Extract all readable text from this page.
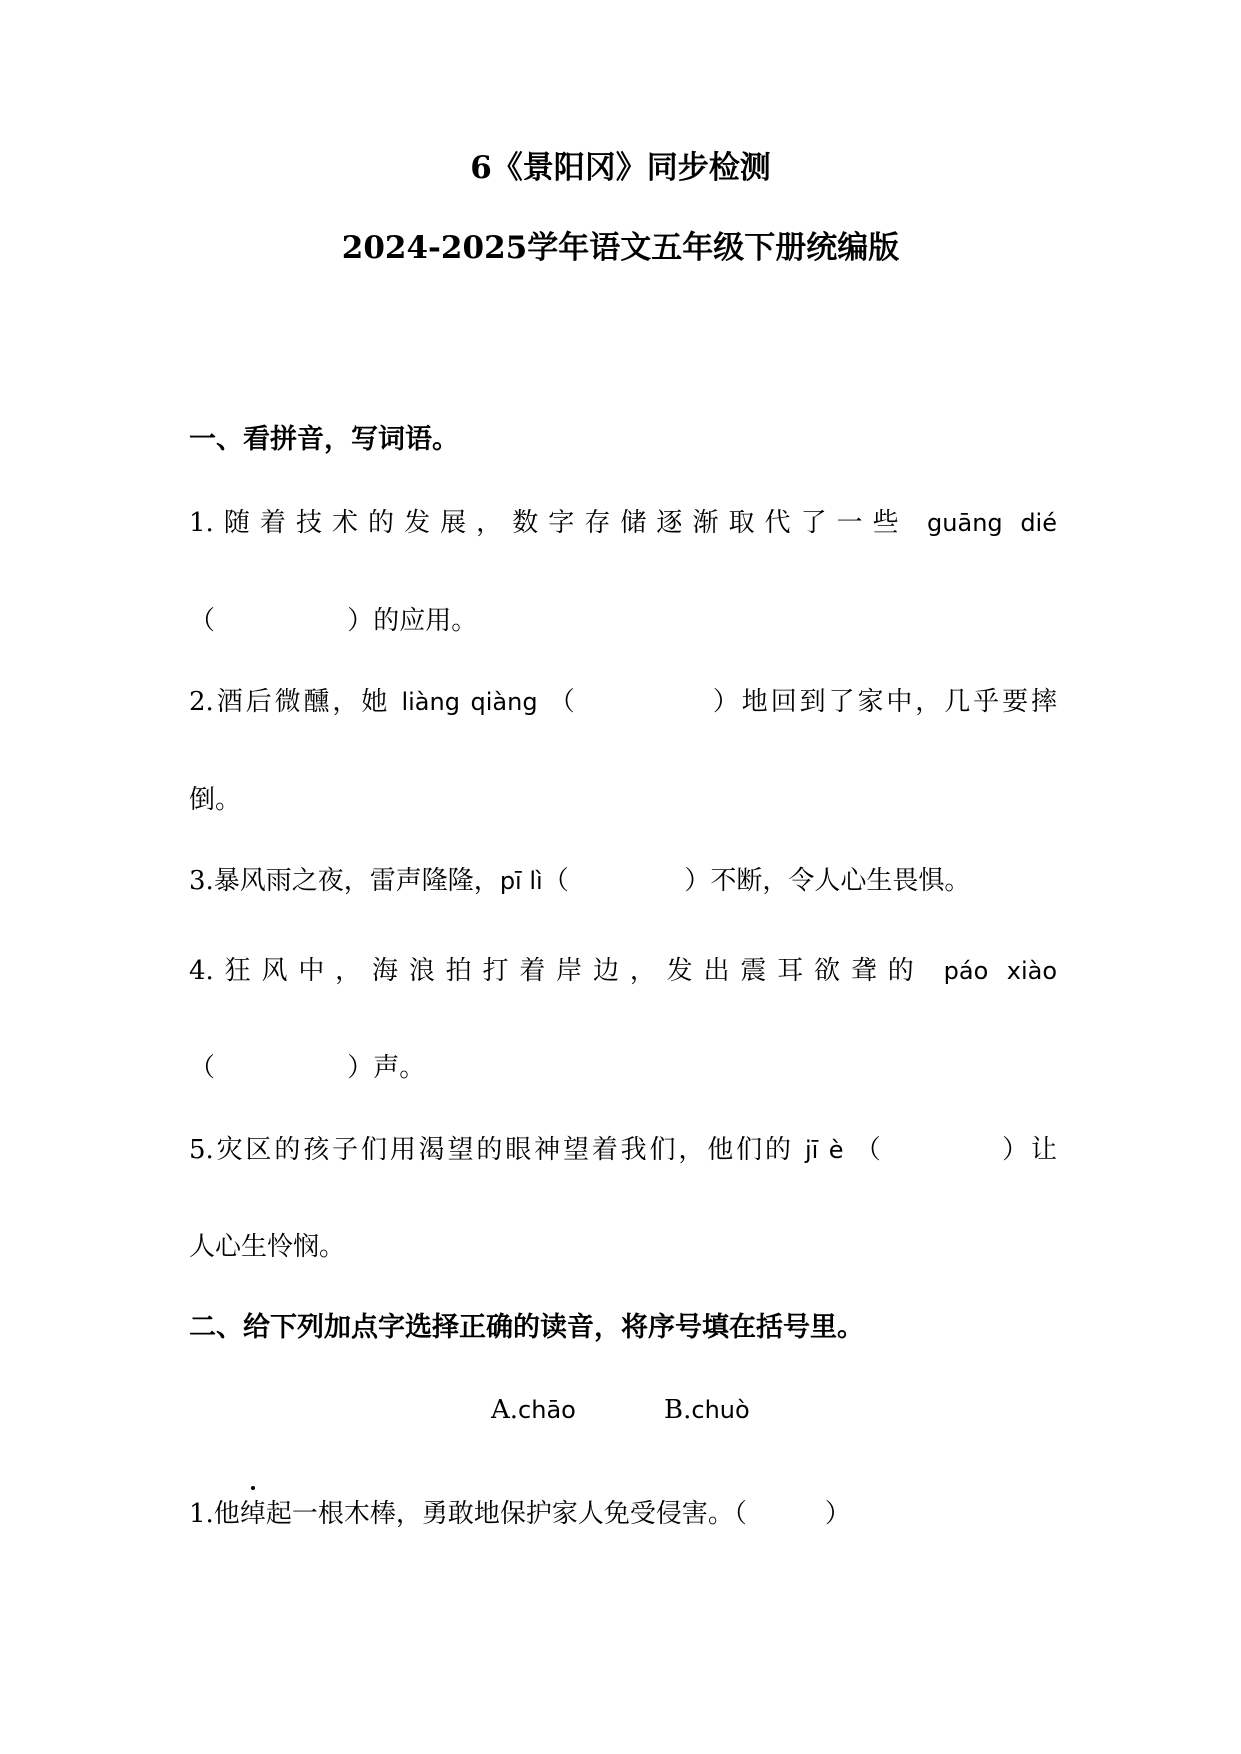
6《景阳冈》同步检测
2024-2025学年语文五年级下册统编版
一、看拼音，写词语。
1.随着技术的发展，数字存储逐渐取代了一些 guāng dié
（	）的应用。
2.酒后微醺，她 liàng qiàng （	）地回到了家中，几乎要摔
倒。
3.暴风雨之夜，雷声隆隆，pī lì（	）不断，令人心生畏惧。
4.狂风中，海浪拍打着岸边，发出震耳欲聋的 páo xiào
（	）声。
5.灾区的孩子们用渴望的眼神望着我们，他们的 jī è （	）让
人心生怜悯。
二、给下列加点字选择正确的读音，将序号填在括号里。
A.chāo	B.chuò
1.他
绰起一根木棒，勇敢地保护家人免受侵害。（　　　）
